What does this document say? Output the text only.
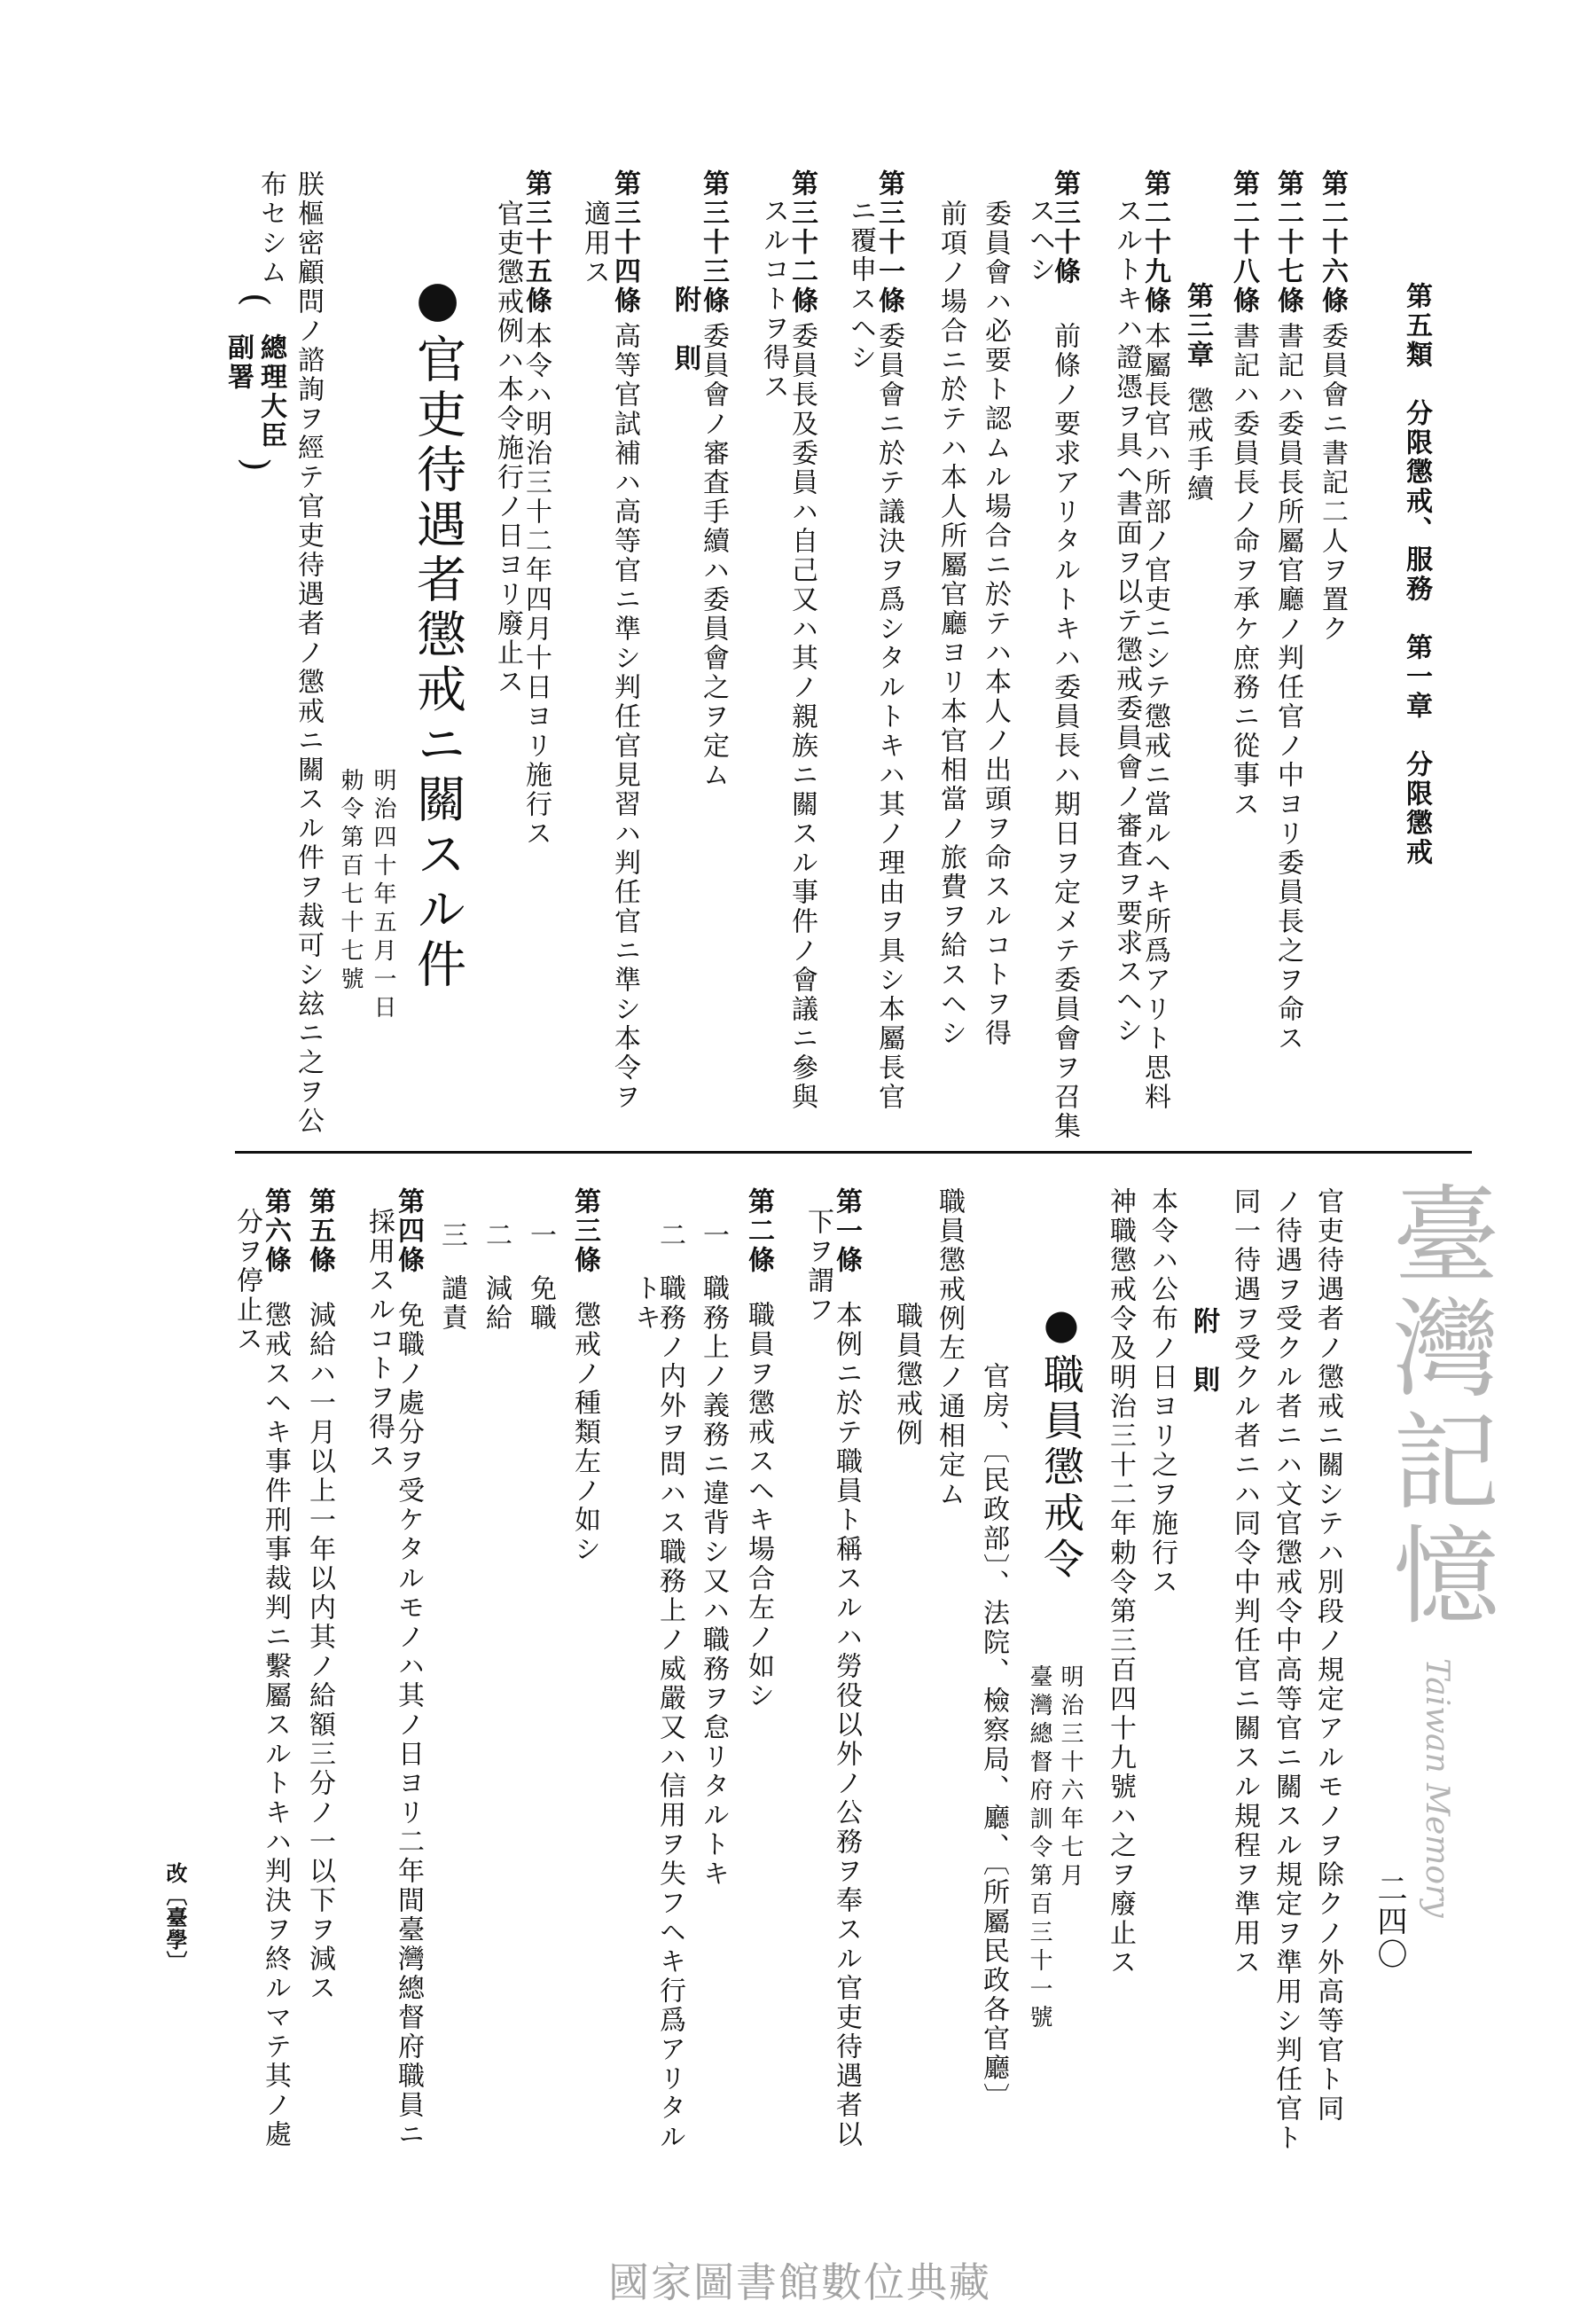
第五類　分限懲戒、服務　第一章　分限懲戒
二四〇
第二十六條
委員會ニ書記二人ヲ置ク
第二十七條
書記ハ委員長所屬官廳ノ判任官ノ中ヨリ委員長之ヲ命ス
第二十八條
書記ハ委員長ノ命ヲ承ケ庶務ニ從事ス
第三章
懲戒手續
第二十九條
本屬長官ハ所部ノ官吏ニシテ懲戒ニ當ルヘキ所爲アリト思料
スルトキハ證憑ヲ具ヘ書面ヲ以テ懲戒委員會ノ審査ヲ要求スヘシ
第三十條
前條ノ要求アリタルトキハ委員長ハ期日ヲ定メテ委員會ヲ召集
スヘシ
委員會ハ必要ト認ムル場合ニ於テハ本人ノ出頭ヲ命スルコトヲ得
前項ノ場合ニ於テハ本人所屬官廳ヨリ本官相當ノ旅費ヲ給スヘシ
第三十一條
委員會ニ於テ議決ヲ爲シタルトキハ其ノ理由ヲ具シ本屬長官
ニ覆申スヘシ
第三十二條
委員長及委員ハ自己又ハ其ノ親族ニ關スル事件ノ會議ニ參與
スルコトヲ得ス
第三十三條
委員會ノ審査手續ハ委員會之ヲ定ム
附　則
第三十四條
高等官試補ハ高等官ニ準シ判任官見習ハ判任官ニ準シ本令ヲ
適用ス
第三十五條
本令ハ明治三十二年四月十日ヨリ施行ス
官吏懲戒例ハ本令施行ノ日ヨリ廢止ス
●官吏待遇者懲戒ニ關スル件
明治四十年五月一日
勅令第百七十七號
朕樞密顧問ノ諮詢ヲ經テ官吏待遇者ノ懲戒ニ關スル件ヲ裁可シ玆ニ之ヲ公
布セシム
(
總理大臣
副署
)
臺灣記憶
Taiwan Memory
官吏待遇者ノ懲戒ニ關シテハ別段ノ規定アルモノヲ除クノ外高等官ト同
ノ待遇ヲ受クル者ニハ文官懲戒令中高等官ニ關スル規定ヲ準用シ判任官ト
同一待遇ヲ受クル者ニハ同令中判任官ニ關スル規程ヲ準用ス
附　則
本令ハ公布ノ日ヨリ之ヲ施行ス
神職懲戒令及明治三十二年勅令第三百四十九號ハ之ヲ廢止ス
●職員懲戒令
明治三十六年七月
臺灣總督府訓令第百三十一號
官房、〔民政部〕、法院、檢察局、廳、〔所屬民政各官廳〕
職員懲戒例左ノ通相定ム
職員懲戒例
第一條
本例ニ於テ職員ト稱スルハ勞役以外ノ公務ヲ奉スル官吏待遇者以
下ヲ謂フ
第二條
職員ヲ懲戒スヘキ場合左ノ如シ
一
職務上ノ義務ニ違背シ又ハ職務ヲ怠リタルトキ
二
職務ノ内外ヲ問ハス職務上ノ威嚴又ハ信用ヲ失フヘキ行爲アリタル
トキ
第三條
懲戒ノ種類左ノ如シ
一
免職
二
減給
三
譴責
第四條
免職ノ處分ヲ受ケタルモノハ其ノ日ヨリ二年間臺灣總督府職員ニ
採用スルコトヲ得ス
第五條
減給ハ一月以上一年以内其ノ給額三分ノ一以下ヲ減ス
第六條
懲戒スヘキ事件刑事裁判ニ繫屬スルトキハ判決ヲ終ルマテ其ノ處
分ヲ停止ス
改〔臺學〕
國家圖書館數位典藏
